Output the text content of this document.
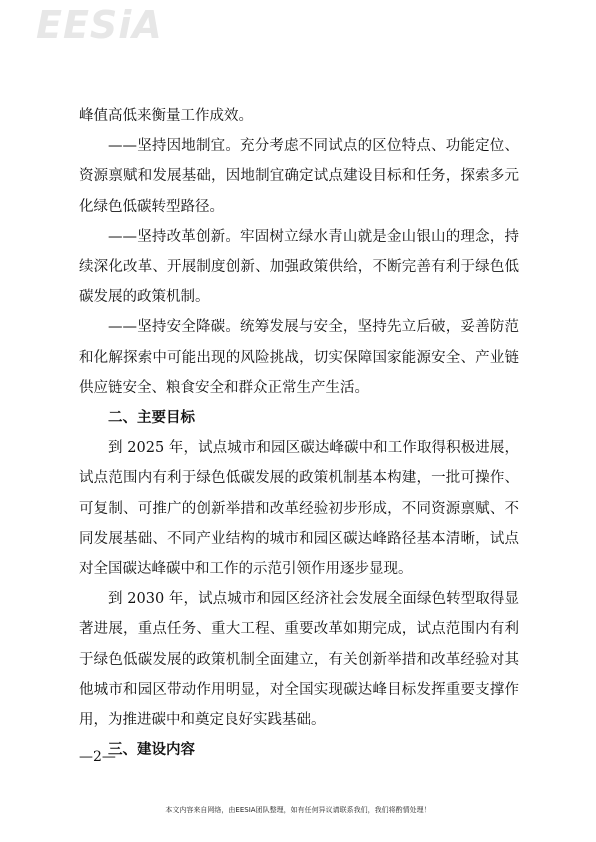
EESiA

峰值高低来衡量工作成效。

——坚持因地制宜。充分考虑不同试点的区位特点、功能定位、资源禀赋和发展基础，因地制宜确定试点建设目标和任务，探索多元化绿色低碳转型路径。

——坚持改革创新。牢固树立绿水青山就是金山银山的理念，持续深化改革、开展制度创新、加强政策供给，不断完善有利于绿色低碳发展的政策机制。

——坚持安全降碳。统筹发展与安全，坚持先立后破，妥善防范和化解探索中可能出现的风险挑战，切实保障国家能源安全、产业链供应链安全、粮食安全和群众正常生产生活。

二、主要目标

到 2025 年，试点城市和园区碳达峰碳中和工作取得积极进展，试点范围内有利于绿色低碳发展的政策机制基本构建，一批可操作、可复制、可推广的创新举措和改革经验初步形成，不同资源禀赋、不同发展基础、不同产业结构的城市和园区碳达峰路径基本清晰，试点对全国碳达峰碳中和工作的示范引领作用逐步显现。

到 2030 年，试点城市和园区经济社会发展全面绿色转型取得显著进展，重点任务、重大工程、重要改革如期完成，试点范围内有利于绿色低碳发展的政策机制全面建立，有关创新举措和改革经验对其他城市和园区带动作用明显，对全国实现碳达峰目标发挥重要支撑作用，为推进碳中和奠定良好实践基础。

三、建设内容

—2—
本文内容来自网络，由EESIA团队整理，如有任何异议请联系我们，我们将酌情处理！
